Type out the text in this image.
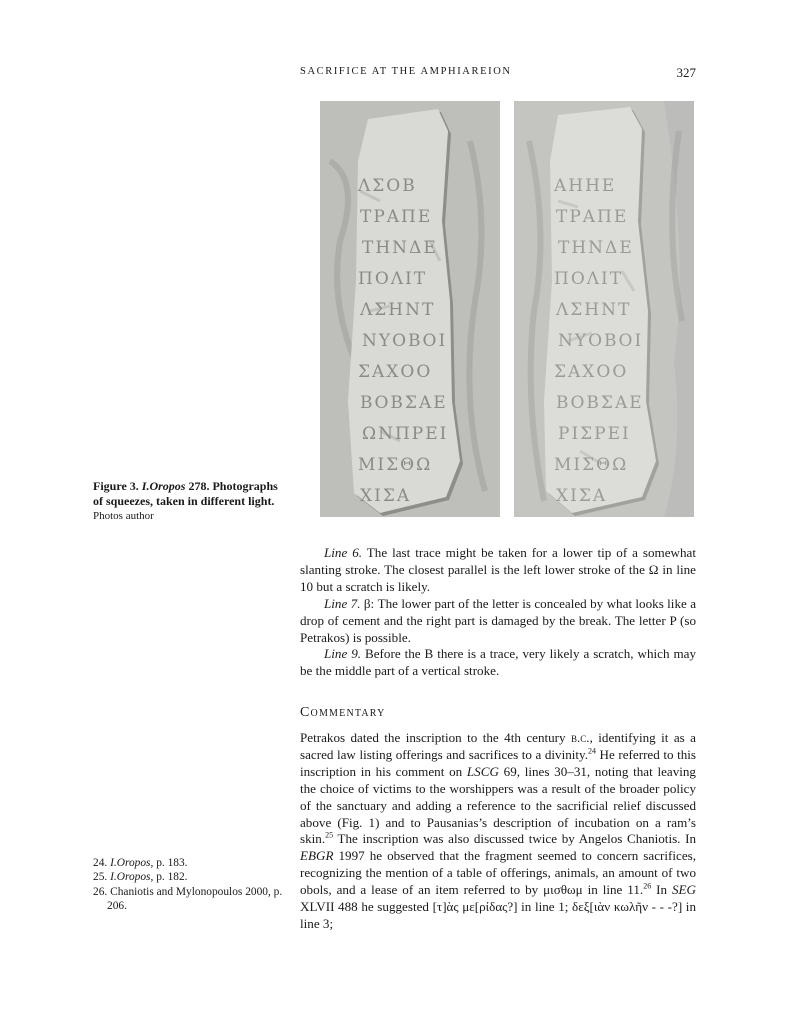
SACRIFICE AT THE AMPHIAREION	327
ΛΣΟΒ
ΤΡΑΠΕ
ΤΗΝΔΕ
ΠΟΛΙΤ
ΛΣΗΝΤ
ΝΥΟΒΟΙ
ΣΑΧΟΟ
ΒΟΒΣΑΕ
ΩΝΠΡΕΙ
ΜΙΣΘΩ
ΧΙΣΑ
ΑΗΗΕ
ΤΡΑΠΕ
ΤΗΝΔΕ
ΠΟΛΙΤ
ΛΣΗΝΤ
ΝΥΟΒΟΙ
ΣΑΧΟΟ
ΒΟΒΣΑΕ
ΡΙΣΡΕΙ
ΜΙΣΘΩ
ΧΙΣΑ
Figure 3. I.Oropos 278. Photographs of squeezes, taken in different light.
Photos author

Line 6. The last trace might be taken for a lower tip of a somewhat slanting stroke. The closest parallel is the left lower stroke of the Ω in line 10 but a scratch is likely.

Line 7. β: The lower part of the letter is concealed by what looks like a drop of cement and the right part is damaged by the break. The letter P (so Petrakos) is possible.

Line 9. Before the B there is a trace, very likely a scratch, which may be the middle part of a vertical stroke.

Commentary

Petrakos dated the inscription to the 4th century b.c., identifying it as a sacred law listing offerings and sacrifices to a divinity.$^{24}$ He referred to this inscription in his comment on LSCG 69, lines 30–31, noting that leaving the choice of victims to the worshippers was a result of the broader policy of the sanctuary and adding a reference to the sacrificial relief discussed above (Fig. 1) and to Pausanias’s description of incubation on a ram’s skin.$^{25}$ The inscription was also discussed twice by Angelos Chaniotis. In EBGR 1997 he observed that the fragment seemed to concern sacrifices, recognizing the mention of a table of offerings, animals, an amount of two obols, and a lease of an item referred to by μισθωμ in line 11.26 In SEG XLVII 488 he suggested [τ]ὰς με[ρίδας?] in line 1; δεξ[ιὰν κωλῆν - - -?] in line 3;

24. I.Oropos, p. 183.

25. I.Oropos, p. 182.

26. Chaniotis and Mylonopoulos 2000, p. 206.
